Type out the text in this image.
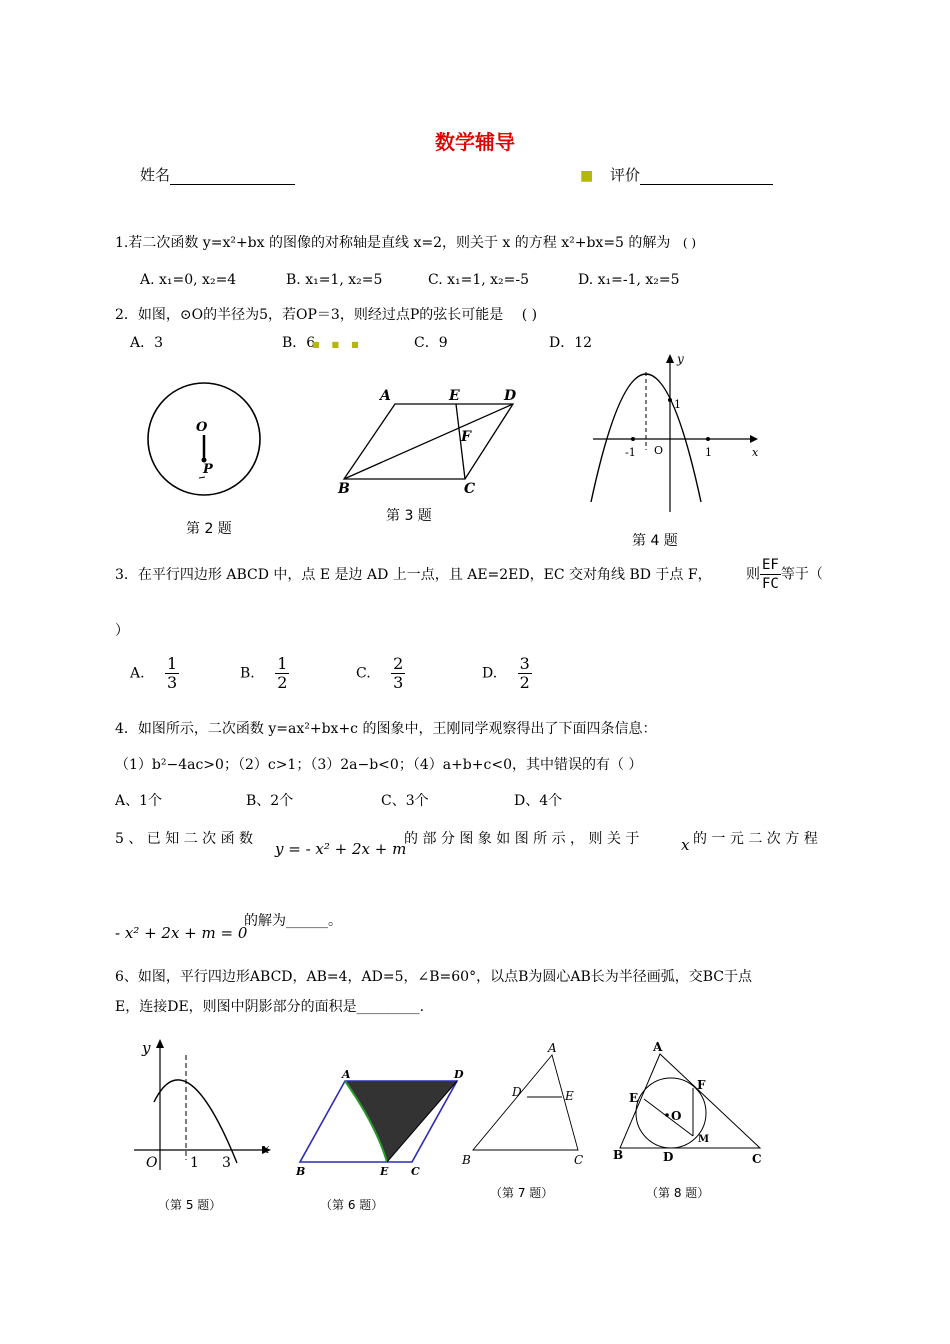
数学辅导
姓名	■ 评价
1.若二次函数 y=x²+bx 的图像的对称轴是直线 x=2，则关于 x 的方程 x²+bx=5 的解为 ( )
A. x₁=0, x₂=4	B. x₁=1, x₂=5	C. x₁=1, x₂=-5	D. x₁=-1, x₂=5
2．如图，⊙O的半径为5，若OP＝3，则经过点P的弦长可能是 ( )
A．3	B．6
■■■	C．9	D．12
O
P
第 2 题
A	E	D
F
B	C
第 3 题
y
1
-1 O	1	x
第 4 题
3．在平行四边形 ABCD 中，点 E 是边 AD 上一点，且 AE=2ED，EC 交对角线 BD 于点 F， 则 $\frac{EF}{FC}$ 等于（
）
A. $\frac{1}{3}$	B. $\frac{1}{2}$	C. $\frac{2}{3}$	D. $\frac{3}{2}$
4．如图所示，二次函数 y=ax²+bx+c 的图象中，王刚同学观察得出了下面四条信息：
（1）b²−4ac>0；（2）c>1；（3）2a−b<0；（4）a+b+c<0，其中错误的有（ ）
A、1个	B、2个	C、3个	D、4个
5 、 已 知 二 次 函 数
y = - x² + 2x + m
的 部 分 图 象 如 图 所 示 ， 则 关 于	x 的 一 元 二 次 方 程
- x² + 2x + m = 0
的解为______。
6、如图，平行四边形ABCD，AB=4，AD=5，∠B=60°，以点B为圆心AB长为半径画弧，交BC于点
E，连接DE，则图中阴影部分的面积是_________.
y
x
O 1 3
（第 5 题）
A	D
B	E C
（第 6 题）
A
D	E
B	C
（第 7 题）
A
F
E
O
M
B	D	C
（第 8 题）
